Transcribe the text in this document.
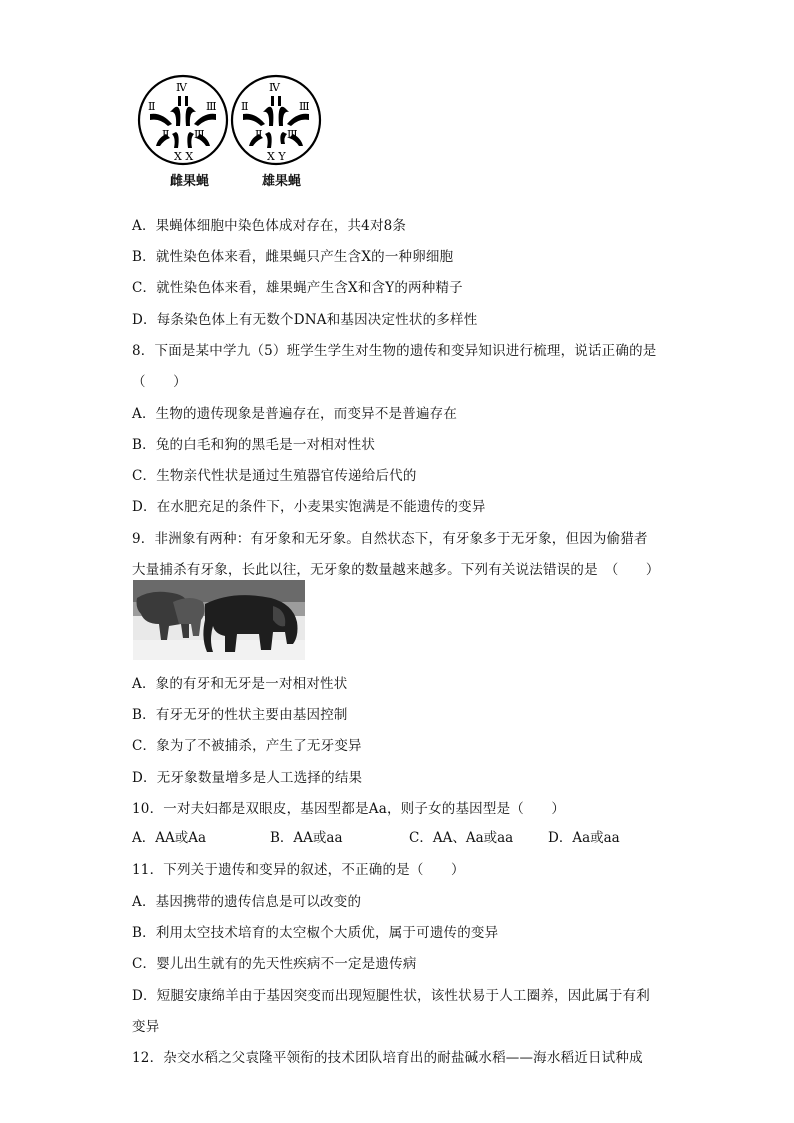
Ⅳ
Ⅱ	Ⅲ
Ⅱ Ⅲ
Ⅳ
Ⅱ	Ⅲ
Ⅱ Ⅲ
X X	X Y
雌果蝇	雄果蝇
A．果蝇体细胞中染色体成对存在，共4对8条
B．就性染色体来看，雌果蝇只产生含X的一种卵细胞
C．就性染色体来看，雄果蝇产生含X和含Y的两种精子
D．每条染色体上有无数个DNA和基因决定性状的多样性
8．下面是某中学九（5）班学生学生对生物的遗传和变异知识进行梳理，说话正确的是
（　　）
A．生物的遗传现象是普遍存在，而变异不是普遍存在
B．兔的白毛和狗的黑毛是一对相对性状
C．生物亲代性状是通过生殖器官传递给后代的
D．在水肥充足的条件下，小麦果实饱满是不能遗传的变异
9．非洲象有两种：有牙象和无牙象。自然状态下，有牙象多于无牙象，但因为偷猎者
大量捕杀有牙象，长此以往，无牙象的数量越来越多。下列有关说法错误的是　（　　）
A．象的有牙和无牙是一对相对性状
B．有牙无牙的性状主要由基因控制
C．象为了不被捕杀，产生了无牙变异
D．无牙象数量增多是人工选择的结果
10．一对夫妇都是双眼皮，基因型都是Aa，则子女的基因型是（　　）
A．AA或Aa	B．AA或aa	C．AA、Aa或aa	D．Aa或aa
11．下列关于遗传和变异的叙述，不正确的是（　　）
A．基因携带的遗传信息是可以改变的
B．利用太空技术培育的太空椒个大质优，属于可遗传的变异
C．婴儿出生就有的先天性疾病不一定是遗传病
D．短腿安康绵羊由于基因突变而出现短腿性状，该性状易于人工圈养，因此属于有利
变异
12．杂交水稻之父袁隆平领衔的技术团队培育出的耐盐碱水稻——海水稻近日试种成
